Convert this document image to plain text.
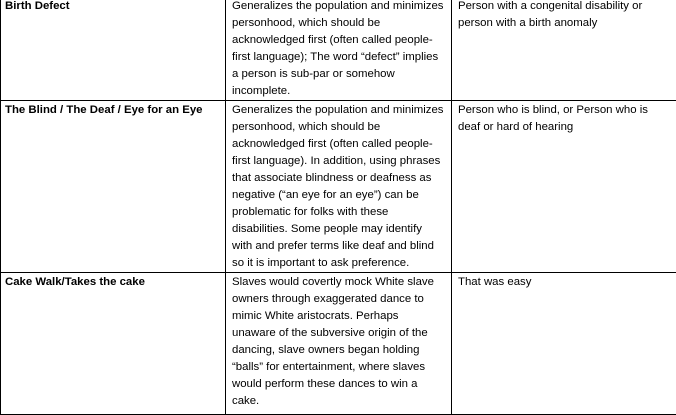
Birth Defect	Generalizes the population and minimizes personhood, which should be acknowledged first (often called people-first language); The word “defect” implies a person is sub-par or somehow incomplete.	Person with a congenital disability or person with a birth anomaly
The Blind / The Deaf / Eye for an Eye	Generalizes the population and minimizes personhood, which should be acknowledged first (often called people-first language). In addition, using phrases that associate blindness or deafness as negative (“an eye for an eye”) can be problematic for folks with these disabilities. Some people may identify with and prefer terms like deaf and blind so it is important to ask preference.	Person who is blind, or Person who is deaf or hard of hearing
Cake Walk/Takes the cake	Slaves would covertly mock White slave owners through exaggerated dance to mimic White aristocrats. Perhaps unaware of the subversive origin of the dancing, slave owners began holding “balls” for entertainment, where slaves would perform these dances to win a cake.	That was easy
